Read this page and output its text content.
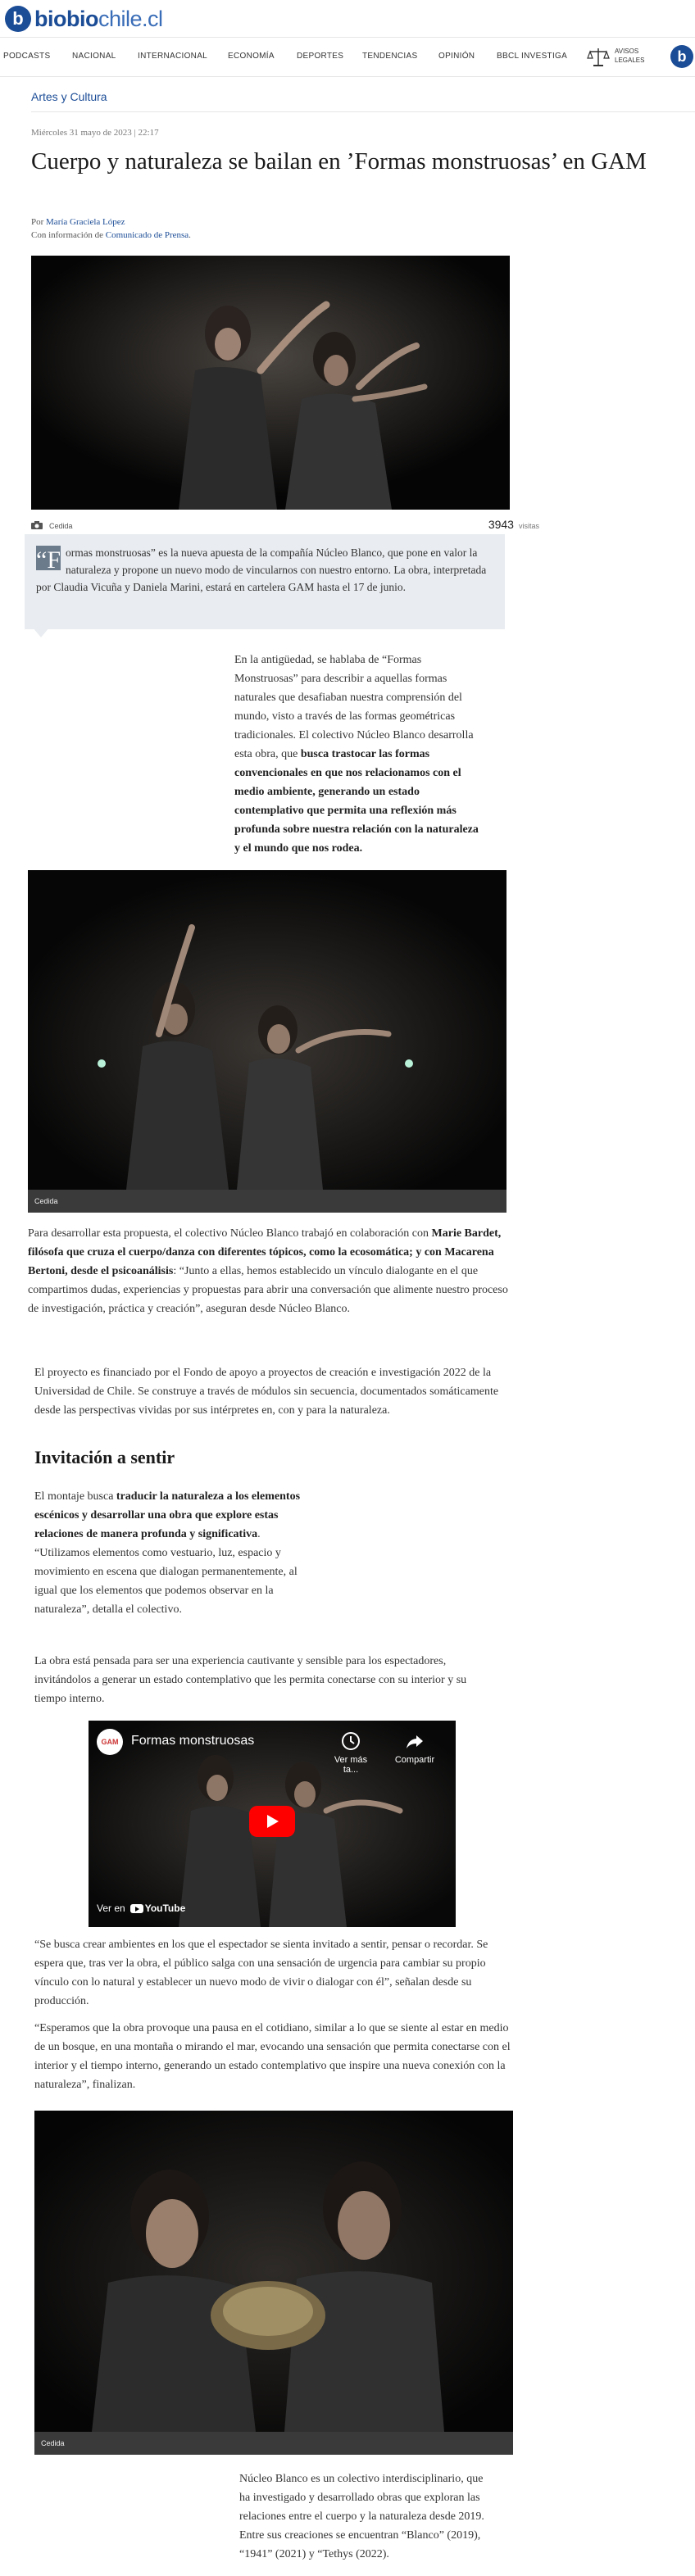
b biobiochile.cl
PODCASTS	NACIONAL	INTERNACIONAL ECONOMÍA	DEPORTES TENDENCIAS	OPINIÓN	BBCL INVESTIGA
AVISOS
LEGALES	b
Artes y Cultura
Miércoles 31 mayo de 2023 | 22:17
Cuerpo y naturaleza se bailan en ’Formas monstruosas’ en GAM
Por María Graciela López
Con información de Comunicado de Prensa.
Cedida	3943 visitas
“F ormas monstruosas” es la nueva apuesta de la compañía Núcleo Blanco, que pone en valor la naturaleza y propone un nuevo modo de vincularnos con nuestro entorno. La obra, interpretada por Claudia Vicuña y Daniela Marini, estará en cartelera GAM hasta el 17 de junio.
En la antigüedad, se hablaba de “Formas Monstruosas” para describir a aquellas formas naturales que desafiaban nuestra comprensión del mundo, visto a través de las formas geométricas tradicionales. El colectivo Núcleo Blanco desarrolla esta obra, que busca trastocar las formas convencionales en que nos relacionamos con el medio ambiente, generando un estado contemplativo que permita una reflexión más profunda sobre nuestra relación con la naturaleza y el mundo que nos rodea.
Cedida
Para desarrollar esta propuesta, el colectivo Núcleo Blanco trabajó en colaboración con Marie Bardet, filósofa que cruza el cuerpo/danza con diferentes tópicos, como la ecosomática; y con Macarena Bertoni, desde el psicoanálisis: “Junto a ellas, hemos establecido un vínculo dialogante en el que compartimos dudas, experiencias y propuestas para abrir una conversación que alimente nuestro proceso de investigación, práctica y creación”, aseguran desde Núcleo Blanco.
El proyecto es financiado por el Fondo de apoyo a proyectos de creación e investigación 2022 de la Universidad de Chile. Se construye a través de módulos sin secuencia, documentados somáticamente desde las perspectivas vividas por sus intérpretes en, con y para la naturaleza.
Invitación a sentir
El montaje busca traducir la naturaleza a los elementos escénicos y desarrollar una obra que explore estas relaciones de manera profunda y significativa. “Utilizamos elementos como vestuario, luz, espacio y movimiento en escena que dialogan permanentemente, al igual que los elementos que podemos observar en la naturaleza”, detalla el colectivo.
La obra está pensada para ser una experiencia cautivante y sensible para los espectadores, invitándolos a generar un estado contemplativo que les permita conectarse con su interior y su tiempo interno.
GAM Formas monstruosas
Ver más ta...
Compartir
Ver en YouTube
“Se busca crear ambientes en los que el espectador se sienta invitado a sentir, pensar o recordar. Se espera que, tras ver la obra, el público salga con una sensación de urgencia para cambiar su propio vínculo con lo natural y establecer un nuevo modo de vivir o dialogar con él”, señalan desde su producción.
“Esperamos que la obra provoque una pausa en el cotidiano, similar a lo que se siente al estar en medio de un bosque, en una montaña o mirando el mar, evocando una sensación que permita conectarse con el interior y el tiempo interno, generando un estado contemplativo que inspire una nueva conexión con la naturaleza”, finalizan.
Cedida
Núcleo Blanco es un colectivo interdisciplinario, que ha investigado y desarrollado obras que exploran las relaciones entre el cuerpo y la naturaleza desde 2019. Entre sus creaciones se encuentran “Blanco” (2019), “1941” (2021) y “Tethys (2022).
